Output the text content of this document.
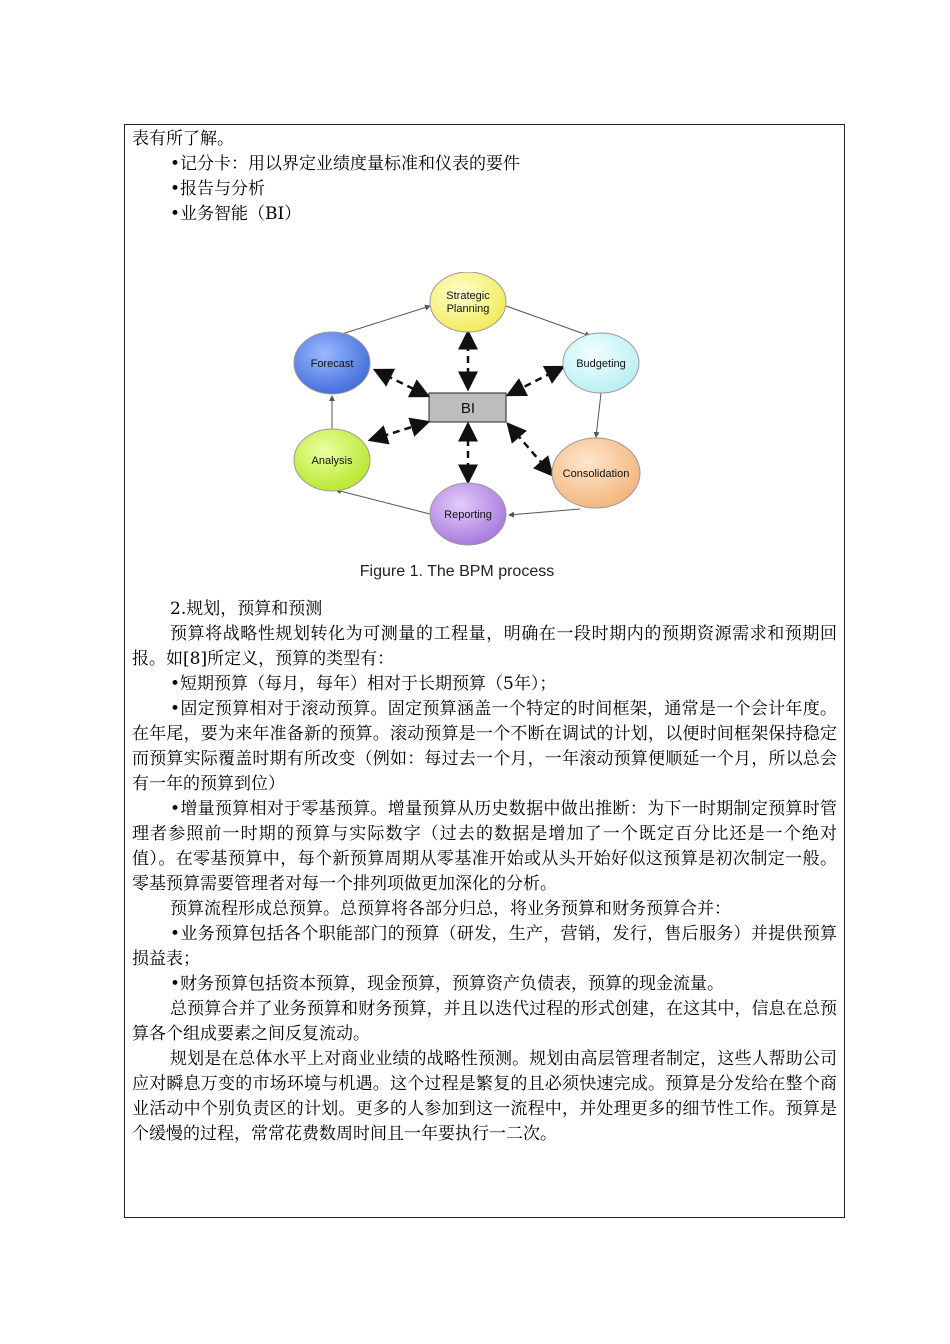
表有所了解。

•记分卡：用以界定业绩度量标准和仪表的要件

•报告与分析

•业务智能（BI）

BI
Strategic
Planning
Budgeting
Consolidation
Reporting
Analysis
Forecast
Figure 1. The BPM process

2.规划，预算和预测

预算将战略性规划转化为可测量的工程量，明确在一段时期内的预期资源需求和预期回报。如[8]所定义，预算的类型有：

•短期预算（每月，每年）相对于长期预算（5年）；

•固定预算相对于滚动预算。固定预算涵盖一个特定的时间框架，通常是一个会计年度。在年尾，要为来年准备新的预算。滚动预算是一个不断在调试的计划，以便时间框架保持稳定而预算实际覆盖时期有所改变（例如：每过去一个月，一年滚动预算便顺延一个月，所以总会有一年的预算到位）

•增量预算相对于零基预算。增量预算从历史数据中做出推断：为下一时期制定预算时管理者参照前一时期的预算与实际数字（过去的数据是增加了一个既定百分比还是一个绝对值）。在零基预算中，每个新预算周期从零基准开始或从头开始好似这预算是初次制定一般。零基预算需要管理者对每一个排列项做更加深化的分析。

预算流程形成总预算。总预算将各部分归总，将业务预算和财务预算合并：

•业务预算包括各个职能部门的预算（研发，生产，营销，发行，售后服务）并提供预算损益表；

•财务预算包括资本预算，现金预算，预算资产负债表，预算的现金流量。

总预算合并了业务预算和财务预算，并且以迭代过程的形式创建，在这其中，信息在总预算各个组成要素之间反复流动。

规划是在总体水平上对商业业绩的战略性预测。规划由高层管理者制定，这些人帮助公司应对瞬息万变的市场环境与机遇。这个过程是繁复的且必须快速完成。预算是分发给在整个商业活动中个别负责区的计划。更多的人参加到这一流程中，并处理更多的细节性工作。预算是个缓慢的过程，常常花费数周时间且一年要执行一二次。
